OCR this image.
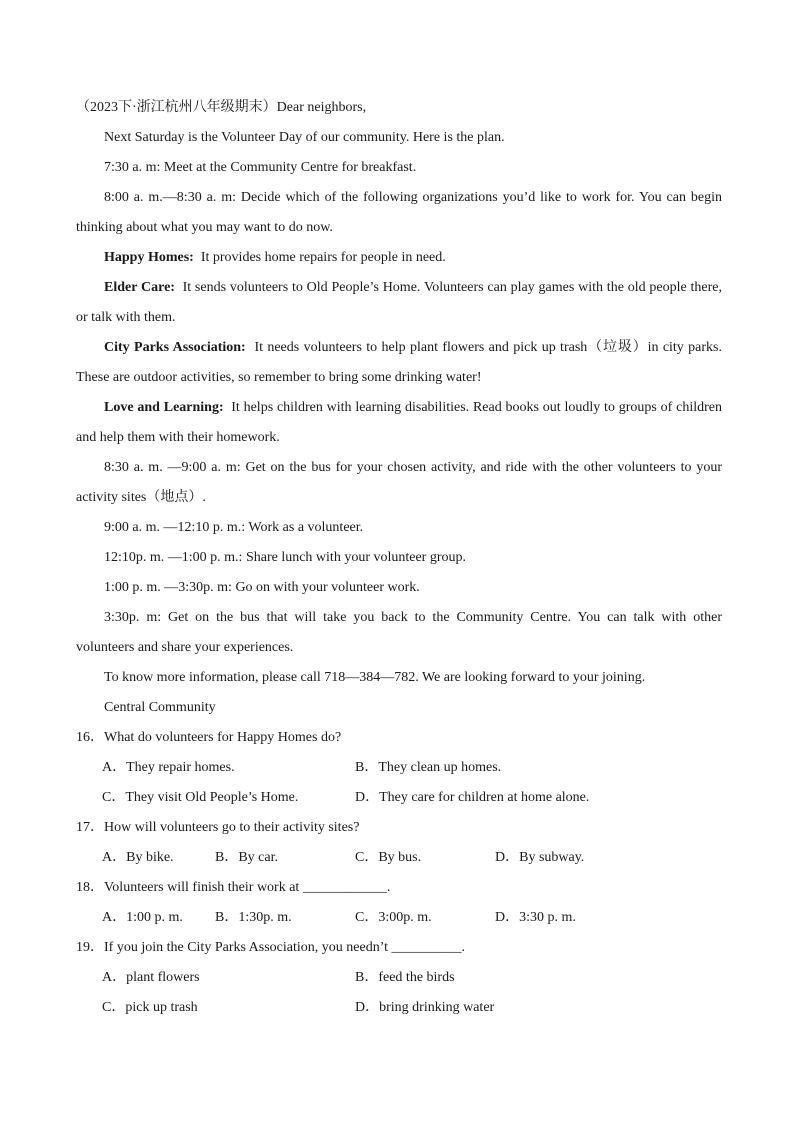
（2023下·浙江杭州八年级期末）Dear neighbors,
Next Saturday is the Volunteer Day of our community. Here is the plan.
7:30 a. m: Meet at the Community Centre for breakfast.
8:00 a. m.—8:30 a. m: Decide which of the following organizations you’d like to work for. You can begin
thinking about what you may want to do now.
Happy Homes: It provides home repairs for people in need.
Elder Care: It sends volunteers to Old People’s Home. Volunteers can play games with the old people there,
or talk with them.
City Parks Association: It needs volunteers to help plant flowers and pick up trash（垃圾）in city parks.
These are outdoor activities, so remember to bring some drinking water!
Love and Learning: It helps children with learning disabilities. Read books out loudly to groups of children
and help them with their homework.
8:30 a. m. —9:00 a. m: Get on the bus for your chosen activity, and ride with the other volunteers to your
activity sites（地点）.
9:00 a. m. —12:10 p. m.: Work as a volunteer.
12:10p. m. —1:00 p. m.: Share lunch with your volunteer group.
1:00 p. m. —3:30p. m: Go on with your volunteer work.
3:30p. m: Get on the bus that will take you back to the Community Centre. You can talk with other
volunteers and share your experiences.
To know more information, please call 718—384—782. We are looking forward to your joining.
Central Community
16．What do volunteers for Happy Homes do?
A．They repair homes.	B．They clean up homes.
C．They visit Old People’s Home.	D．They care for children at home alone.
17．How will volunteers go to their activity sites?
A．By bike.	B．By car.	C．By bus.	D．By subway.
18．Volunteers will finish their work at ____________.
A．1:00 p. m. B．1:30p. m.	C．3:00p. m.	D．3:30 p. m.
19．If you join the City Parks Association, you needn’t __________.
A．plant flowers	B．feed the birds
C．pick up trash	D．bring drinking water
